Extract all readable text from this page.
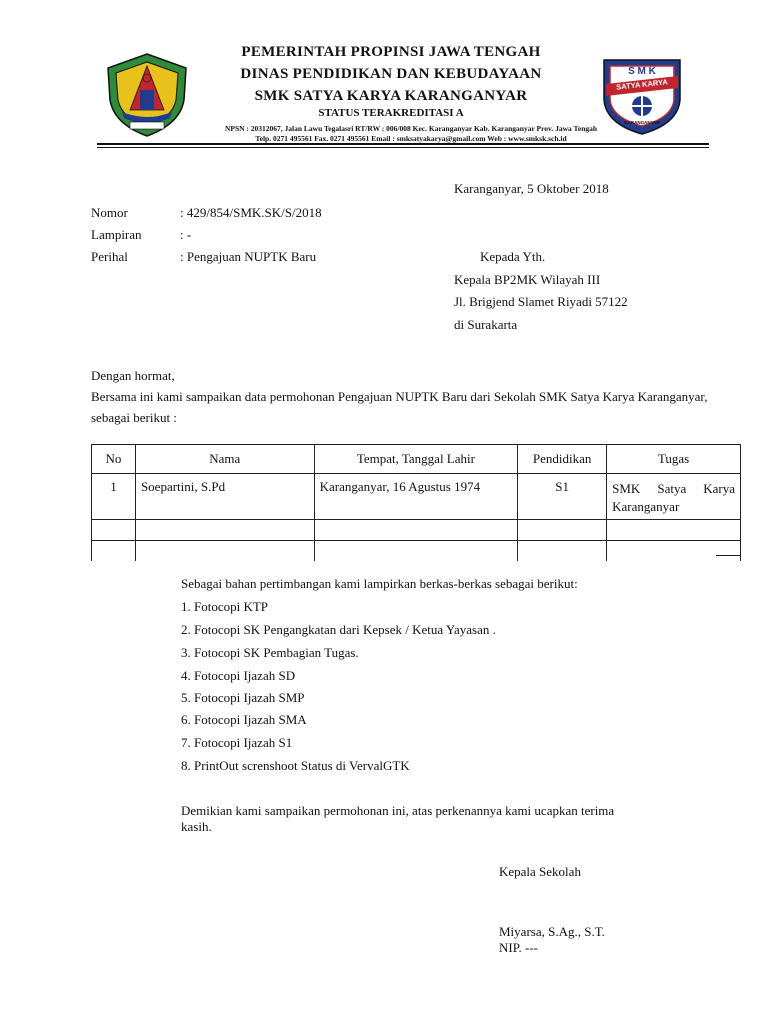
PEMERINTAH PROPINSI JAWA TENGAH
DINAS PENDIDIKAN DAN KEBUDAYAAN
SMK SATYA KARYA KARANGANYAR
STATUS TERAKREDITASI A
S M K
SATYA KARYA
KARANGANYAR
NPSN : 20312067, Jalan Lawu Tegalasri RT/RW : 006/008 Kec. Karanganyar Kab. Karanganyar Prov. Jawa Tengah
Telp. 0271 495561 Fax. 0271 495561 Email : smksatyakarya@gmail.com Web : www.smksk.sch.id
Karanganyar, 5 Oktober 2018
Nomor	: 429/854/SMK.SK/S/2018
Lampiran	: -
Perihal	: Pengajuan NUPTK Baru	Kepada Yth.
Kepala BP2MK Wilayah III
Jl. Brigjend Slamet Riyadi 57122
di Surakarta
Dengan hormat,
Bersama ini kami sampaikan data permohonan Pengajuan NUPTK Baru dari Sekolah SMK Satya Karya Karanganyar, sebagai berikut :
No	Nama	Tempat, Tanggal Lahir	Pendidikan	Tugas
1	Soepartini, S.Pd	Karanganyar, 16 Agustus 1974	S1	SMK Satya Karya
Karanganyar

Sebagai bahan pertimbangan kami lampirkan berkas-berkas sebagai berikut:
1. Fotocopi KTP
2. Fotocopi SK Pengangkatan dari Kepsek / Ketua Yayasan .
3. Fotocopi SK Pembagian Tugas.
4. Fotocopi Ijazah SD
5. Fotocopi Ijazah SMP
6. Fotocopi Ijazah SMA
7. Fotocopi Ijazah S1
8. PrintOut screnshoot Status di VervalGTK
Demikian kami sampaikan permohonan ini, atas perkenannya kami ucapkan terima
kasih.
Kepala Sekolah
Miyarsa, S.Ag., S.T.
NIP. ---
